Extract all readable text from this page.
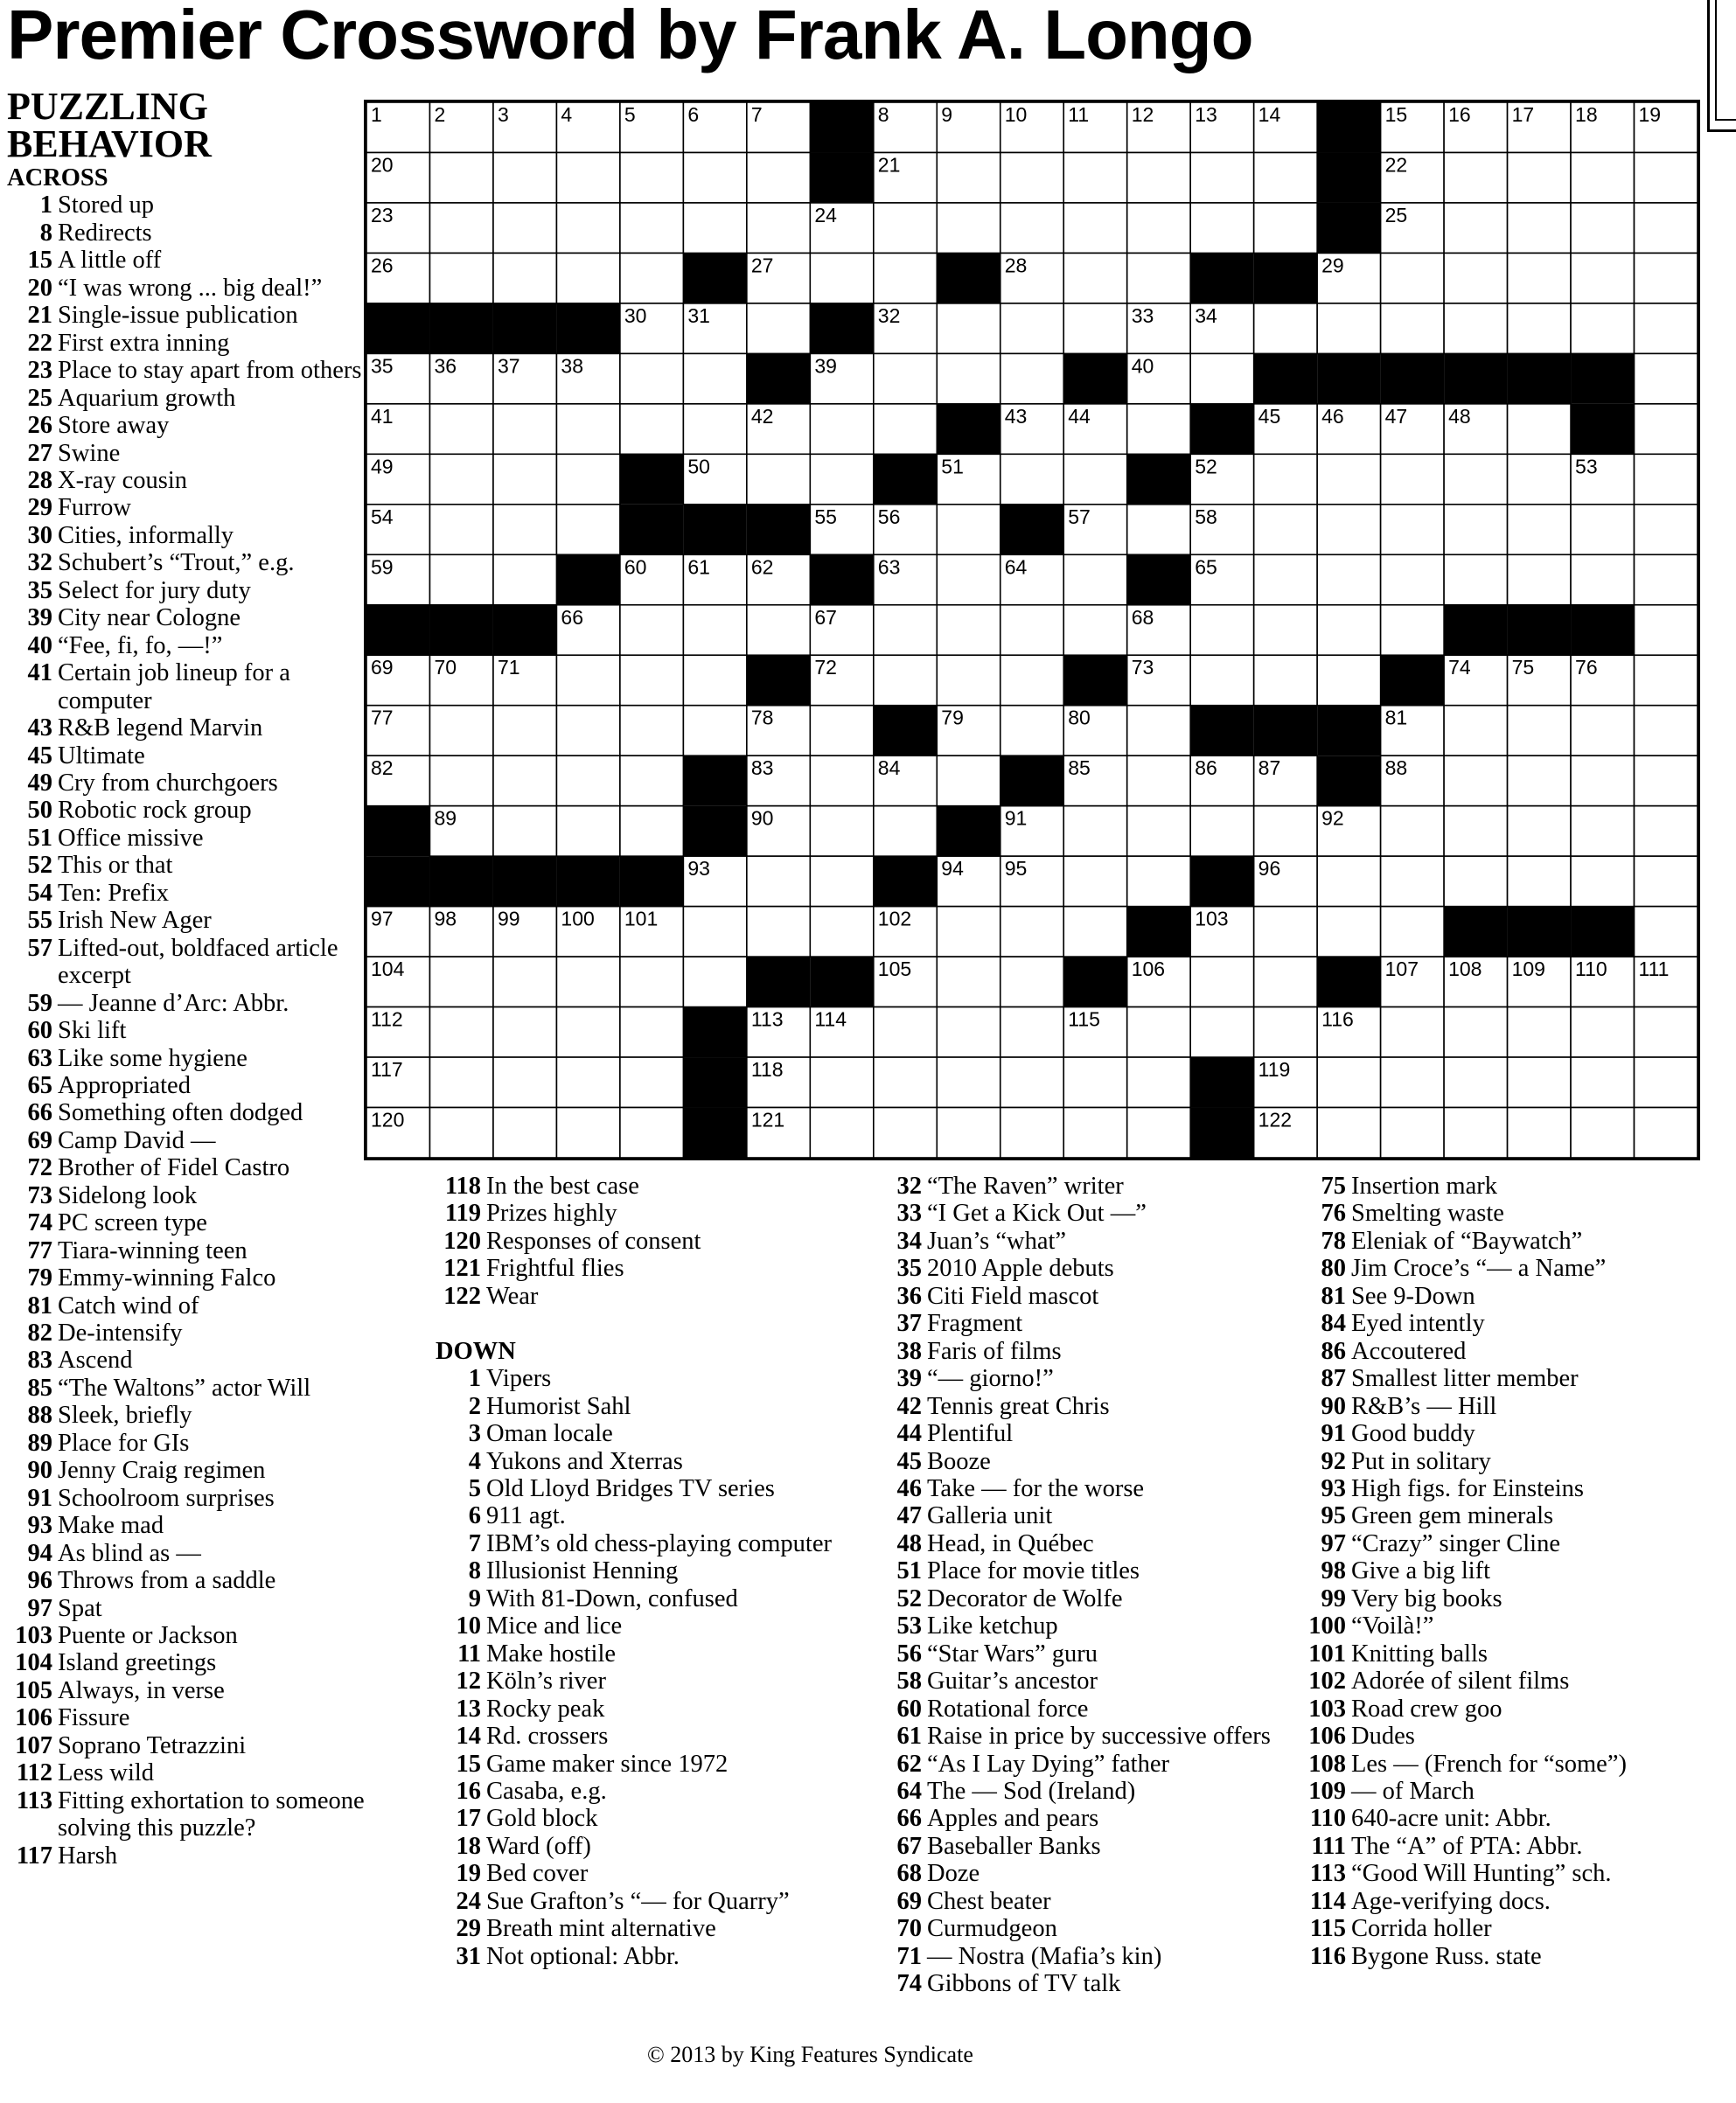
Premier Crossword by Frank A. Longo
PUZZLING
BEHAVIOR
1	2	3	4	5	6	7	8	9	10 11 12 13 14	15 16 17 18 19
20	21	22
23	24	25
26	27	28	29
30 31	32	33 34
35 36 37 38	39	40
41	42	43 44	45 46 47 48
49	50	51	52	53
54	55 56	57	58
59	60 61 62	63	64	65
66	67	68
69 70 71	72	73	74 75 76
77	78	79	80	81
82	83	84	85	86 87	88
89	90	91	92
93	94 95	96
97 98 99 100 101	102	103
104	105	106	107 108 109 110 111
112	113 114	115	116
117	118	119
120	121	122
ACROSS
1 Stored up
8 Redirects
15 A little off
20 “I was wrong ... big deal!”
21 Single-issue publication
22 First extra inning
23 Place to stay apart from others
25 Aquarium growth
26 Store away
27 Swine
28 X-ray cousin
29 Furrow
30 Cities, informally
32 Schubert’s “Trout,” e.g.
35 Select for jury duty
39 City near Cologne
40 “Fee, fi, fo, —!”
41 Certain job lineup for a computer
43 R&B legend Marvin
45 Ultimate
49 Cry from churchgoers
50 Robotic rock group
51 Office missive
52 This or that
54 Ten: Prefix
55 Irish New Ager
57 Lifted-out, boldfaced article excerpt
59 — Jeanne d’Arc: Abbr.
60 Ski lift
63 Like some hygiene
65 Appropriated
66 Something often dodged
69 Camp David —
72 Brother of Fidel Castro
73 Sidelong look
74 PC screen type
77 Tiara-winning teen
79 Emmy-winning Falco
81 Catch wind of
82 De-intensify
83 Ascend
85 “The Waltons” actor Will
88 Sleek, briefly
89 Place for GIs
90 Jenny Craig regimen
91 Schoolroom surprises
93 Make mad
94 As blind as —
96 Throws from a saddle
97 Spat
103 Puente or Jackson
104 Island greetings
105 Always, in verse
106 Fissure
107 Soprano Tetrazzini
112 Less wild
113 Fitting exhortation to someone solving this puzzle?
117 Harsh
118 In the best case
119 Prizes highly
120 Responses of consent
121 Frightful flies
122 Wear
DOWN
1 Vipers
2 Humorist Sahl
3 Oman locale
4 Yukons and Xterras
5 Old Lloyd Bridges TV series
6 911 agt.
7 IBM’s old chess-playing computer
8 Illusionist Henning
9 With 81-Down, confused
10 Mice and lice
11 Make hostile
12 Köln’s river
13 Rocky peak
14 Rd. crossers
15 Game maker since 1972
16 Casaba, e.g.
17 Gold block
18 Ward (off)
19 Bed cover
24 Sue Grafton’s “— for Quarry”
29 Breath mint alternative
31 Not optional: Abbr.
32 “The Raven” writer
33 “I Get a Kick Out —”
34 Juan’s “what”
35 2010 Apple debuts
36 Citi Field mascot
37 Fragment
38 Faris of films
39 “— giorno!”
42 Tennis great Chris
44 Plentiful
45 Booze
46 Take — for the worse
47 Galleria unit
48 Head, in Québec
51 Place for movie titles
52 Decorator de Wolfe
53 Like ketchup
56 “Star Wars” guru
58 Guitar’s ancestor
60 Rotational force
61 Raise in price by successive offers
62 “As I Lay Dying” father
64 The — Sod (Ireland)
66 Apples and pears
67 Baseballer Banks
68 Doze
69 Chest beater
70 Curmudgeon
71 — Nostra (Mafia’s kin)
74 Gibbons of TV talk
75 Insertion mark
76 Smelting waste
78 Eleniak of “Baywatch”
80 Jim Croce’s “— a Name”
81 See 9-Down
84 Eyed intently
86 Accoutered
87 Smallest litter member
90 R&B’s — Hill
91 Good buddy
92 Put in solitary
93 High figs. for Einsteins
95 Green gem minerals
97 “Crazy” singer Cline
98 Give a big lift
99 Very big books
100 “Voilà!”
101 Knitting balls
102 Adorée of silent films
103 Road crew goo
106 Dudes
108 Les — (French for “some”)
109 — of March
110 640-acre unit: Abbr.
111 The “A” of PTA: Abbr.
113 “Good Will Hunting” sch.
114 Age-verifying docs.
115 Corrida holler
116 Bygone Russ. state
© 2013 by King Features Syndicate
